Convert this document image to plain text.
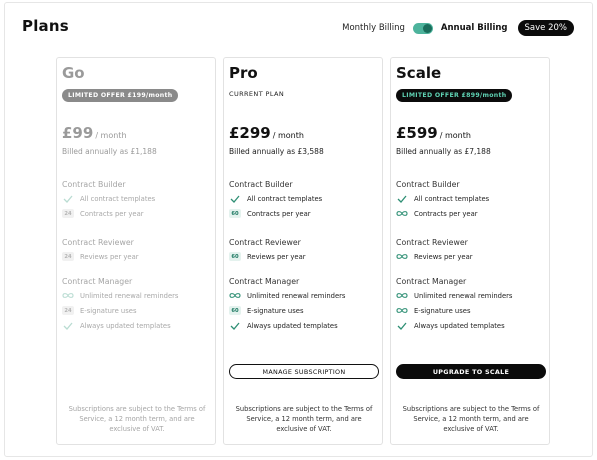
Plans	Monthly Billing	Annual Billing	Save 20%
Go
LIMITED OFFER £199/month
£99 / month
Billed annually as £1,188
Contract Builder
All contract templates
24	Contracts per year
Contract Reviewer
24	Reviews per year
Contract Manager
Unlimited renewal reminders
24	E-signature uses
Always updated templates
Subscriptions are subject to the Terms of Service, a 12 month term, and are exclusive of VAT.
Pro
CURRENT PLAN
£299 / month
Billed annually as £3,588
Contract Builder
All contract templates
60	Contracts per year
Contract Reviewer
60	Reviews per year
Contract Manager
Unlimited renewal reminders
60	E-signature uses
Always updated templates
MANAGE SUBSCRIPTION
Subscriptions are subject to the Terms of Service, a 12 month term, and are exclusive of VAT.
Scale
LIMITED OFFER £899/month
£599 / month
Billed annually as £7,188
Contract Builder
All contract templates
Contracts per year
Contract Reviewer
Reviews per year
Contract Manager
Unlimited renewal reminders
E-signature uses
Always updated templates
UPGRADE TO SCALE
Subscriptions are subject to the Terms of Service, a 12 month term, and are exclusive of VAT.
